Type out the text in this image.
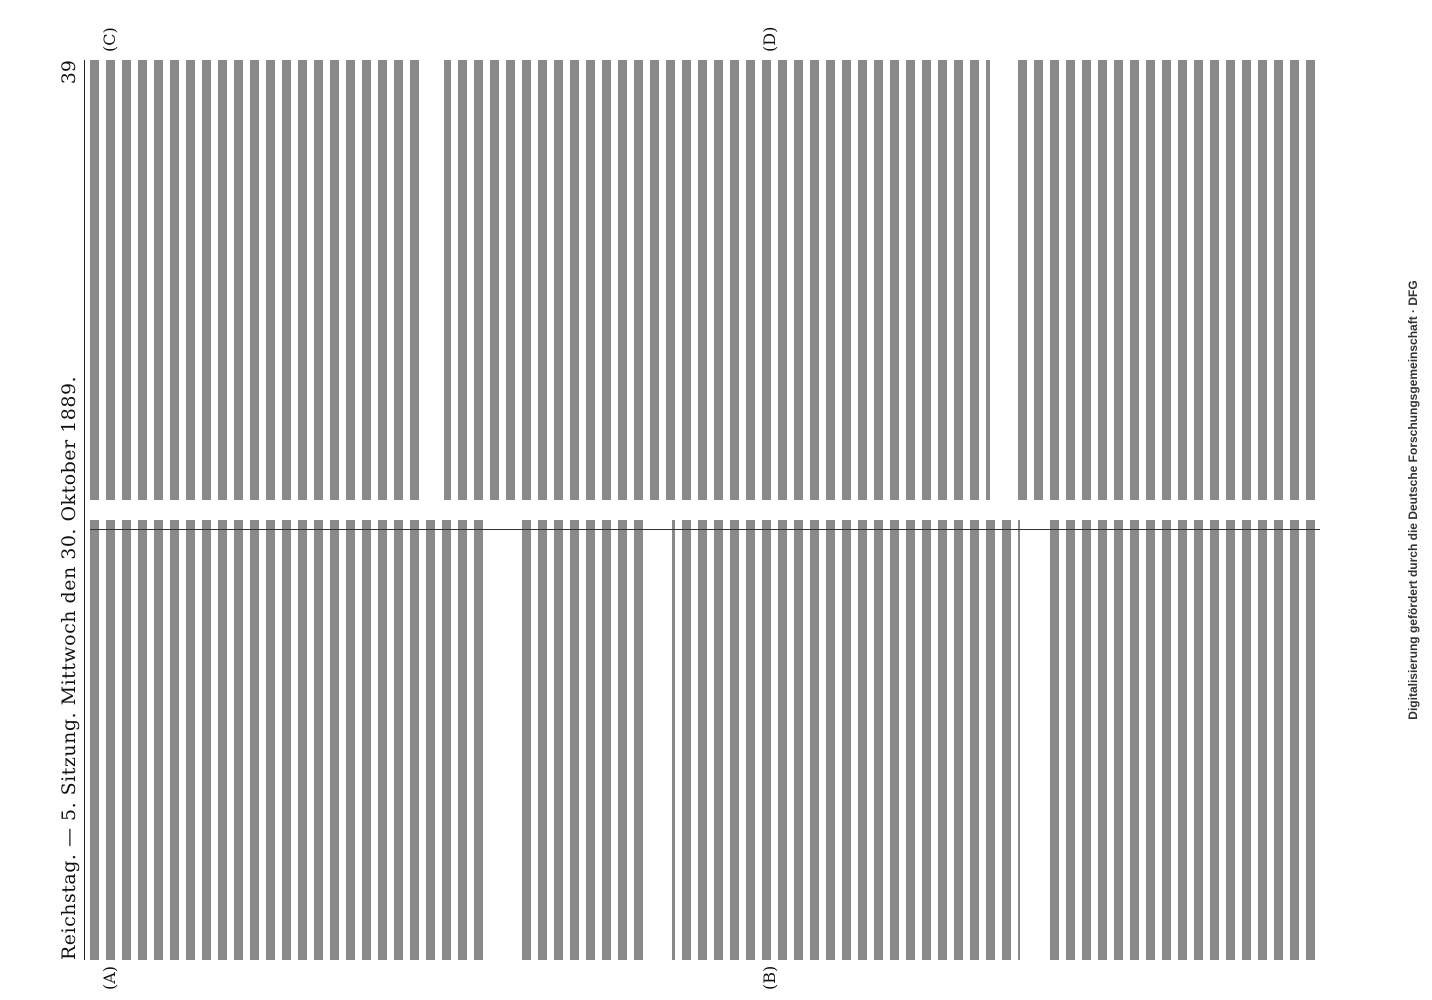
Reichstag. — 5. Sitzung. Mittwoch den 30. Oktober 1889.
39
(A)	(B)
(C)	(D)
Digitalisierung gefördert durch die Deutsche Forschungsgemeinschaft · DFG
